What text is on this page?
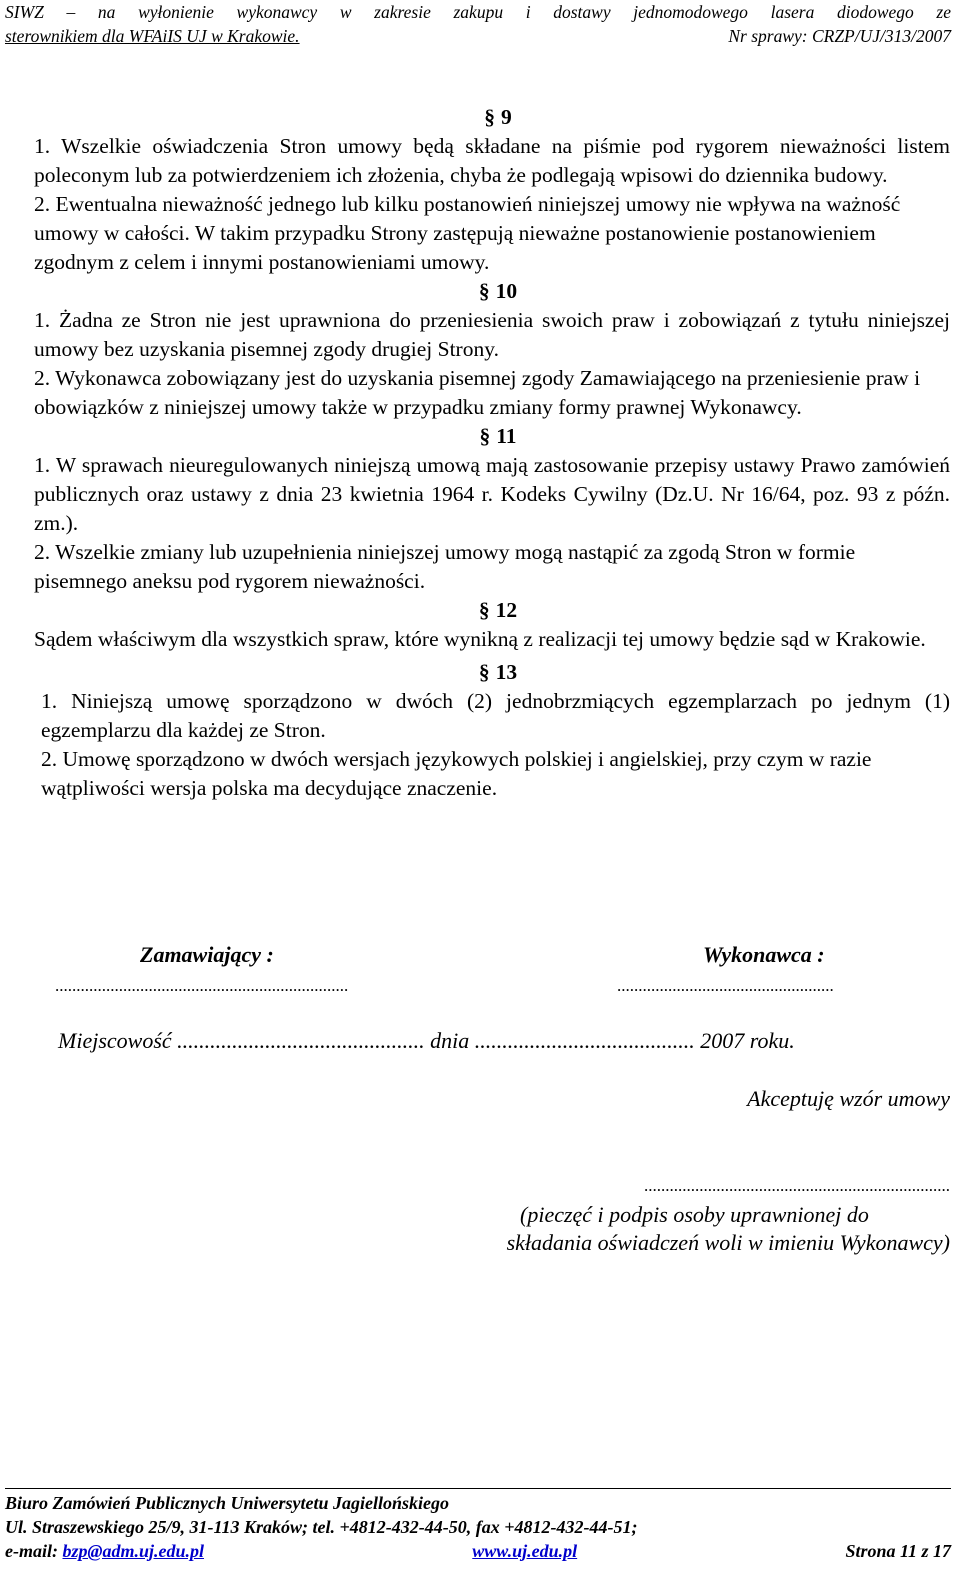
SIWZ – na wyłonienie wykonawcy w zakresie zakupu i dostawy jednomodowego lasera diodowego ze
sterownikiem dla WFAiIS UJ w Krakowie.	Nr sprawy: CRZP/UJ/313/2007
§ 9
1. Wszelkie oświadczenia Stron umowy będą składane na piśmie pod rygorem nieważności listem poleconym lub za potwierdzeniem ich złożenia, chyba że podlegają wpisowi do dziennika budowy.
2. Ewentualna nieważność jednego lub kilku postanowień niniejszej umowy nie wpływa na ważność umowy w całości. W takim przypadku Strony zastępują nieważne postanowienie postanowieniem zgodnym z celem i innymi postanowieniami umowy.
§ 10
1. Żadna ze Stron nie jest uprawniona do przeniesienia swoich praw i zobowiązań z tytułu niniejszej umowy bez uzyskania pisemnej zgody drugiej Strony.
2. Wykonawca zobowiązany jest do uzyskania pisemnej zgody Zamawiającego na przeniesienie praw i obowiązków z niniejszej umowy także w przypadku zmiany formy prawnej Wykonawcy.
§ 11
1. W sprawach nieuregulowanych niniejszą umową mają zastosowanie przepisy ustawy Prawo zamówień publicznych oraz ustawy z dnia 23 kwietnia 1964 r. Kodeks Cywilny (Dz.U. Nr 16/64, poz. 93 z późn. zm.).
2. Wszelkie zmiany lub uzupełnienia niniejszej umowy mogą nastąpić za zgodą Stron w formie pisemnego aneksu pod rygorem nieważności.
§ 12
Sądem właściwym dla wszystkich spraw, które wynikną z realizacji tej umowy będzie sąd w Krakowie.
§ 13
1. Niniejszą umowę sporządzono w dwóch (2) jednobrzmiących egzemplarzach po jednym (1) egzemplarzu dla każdej ze Stron.
2. Umowę sporządzono w dwóch wersjach językowych polskiej i angielskiej, przy czym w razie wątpliwości wersja polska ma decydujące znaczenie.
Zamawiający :	Wykonawca :
.....................................................................	...................................................
Miejscowość ............................................. dnia ........................................ 2007 roku.
Akceptuję wzór umowy
........................................................................
(pieczęć i podpis osoby uprawnionej do
składania oświadczeń woli w imieniu Wykonawcy)
Biuro Zamówień Publicznych Uniwersytetu Jagiellońskiego
Ul. Straszewskiego 25/9, 31-113 Kraków; tel. +4812-432-44-50, fax +4812-432-44-51;
e-mail: bzp@adm.uj.edu.pl	www.uj.edu.pl	Strona 11 z 17
